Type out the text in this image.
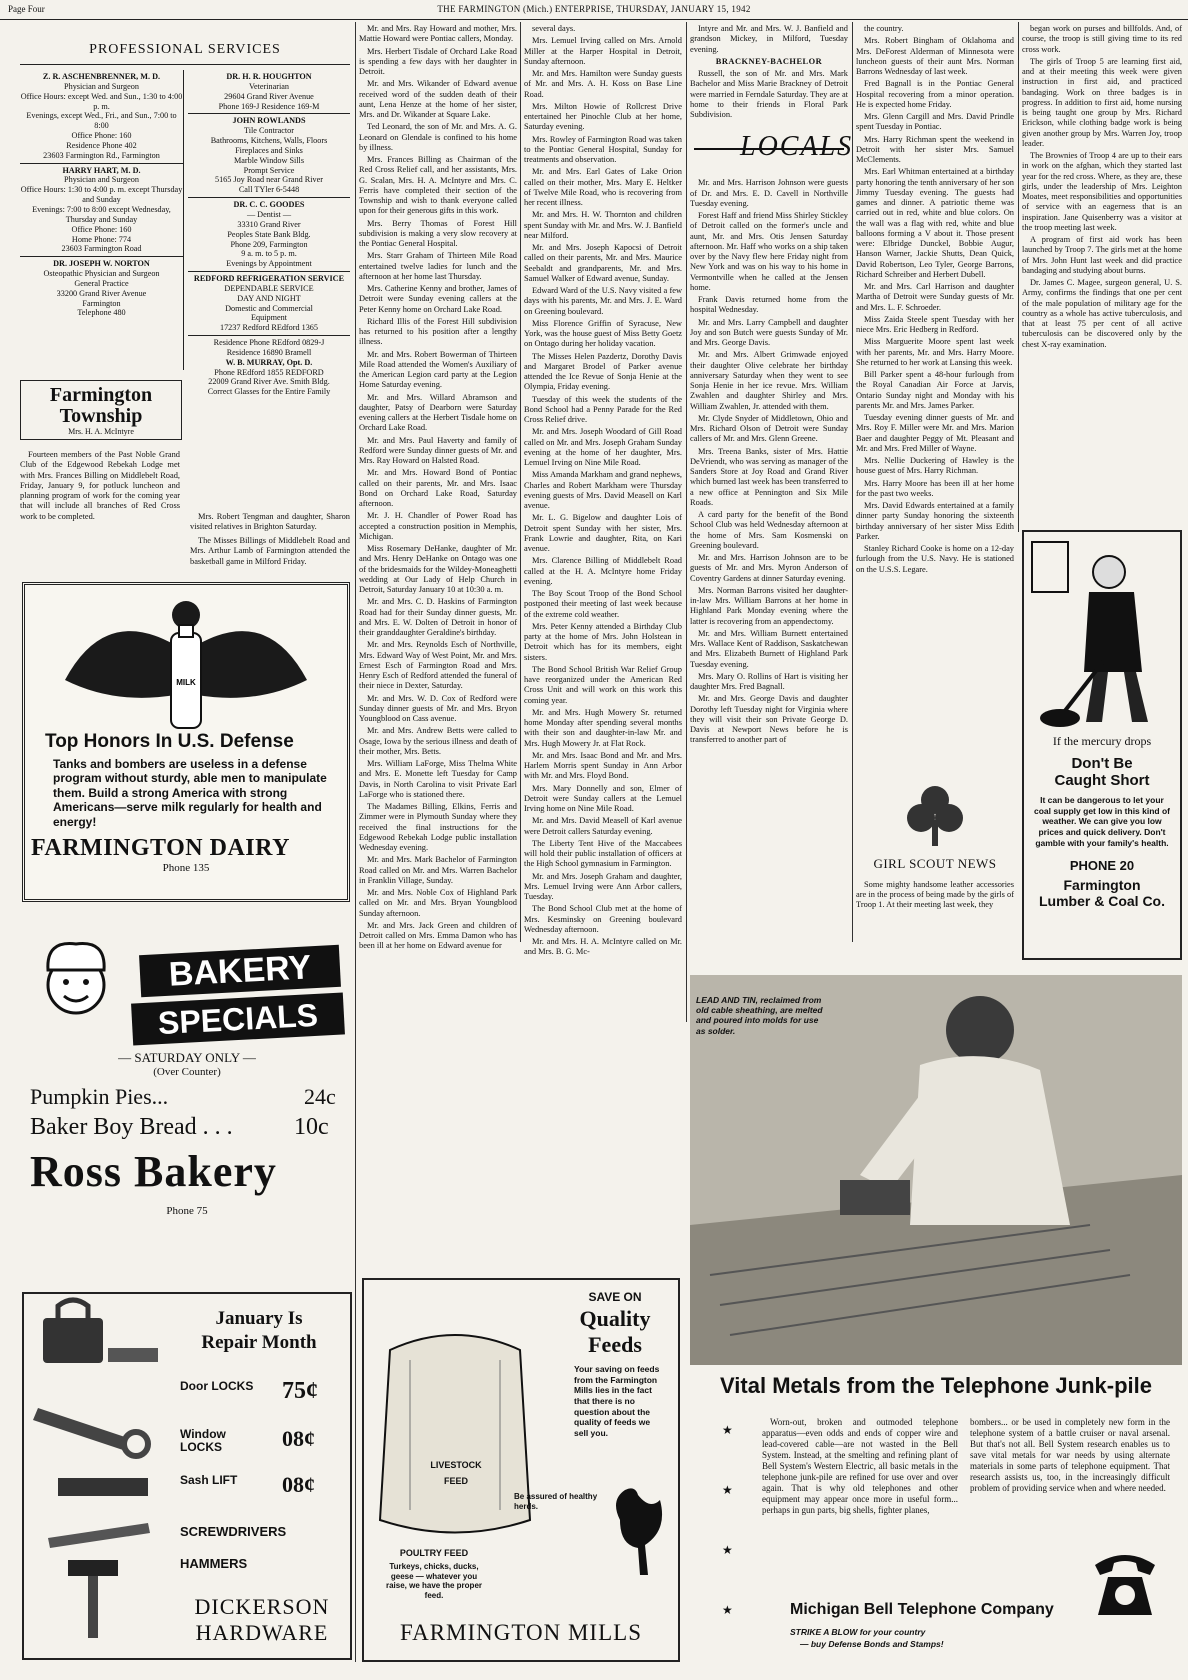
Page Four	THE FARMINGTON (Mich.) ENTERPRISE, THURSDAY, JANUARY 15, 1942
PROFESSIONAL SERVICES
Z. R. ASCHENBRENNER, M. D.
Physician and Surgeon
Office Hours: except Wed. and Sun., 1:30 to 4:00 p. m.
Evenings, except Wed., Fri., and Sun., 7:00 to 8:00
Office Phone: 160
Residence Phone 402
23603 Farmington Rd., Farmington
HARRY HART, M. D.
Physician and Surgeon
Office Hours: 1:30 to 4:00 p. m. except Thursday and Sunday
Evenings: 7:00 to 8:00 except Wednesday, Thursday and Sunday
Office Phone: 160
Home Phone: 774
23603 Farmington Road
DR. JOSEPH W. NORTON
Osteopathic Physician and Surgeon
General Practice
33200 Grand River Avenue
Farmington
Telephone 480
DR. H. R. HOUGHTON
Veterinarian
29604 Grand River Avenue
Phone 169-J Residence 169-M
JOHN ROWLANDS
Tile Contractor
Bathrooms, Kitchens, Walls, Floors
Fireplaces and Sinks
Marble Window Sills
Prompt Service
5165 Joy Road near Grand River
Call TYler 6-5448
DR. C. C. GOODES
— Dentist —
33310 Grand River
Peoples State Bank Bldg.
Phone 209, Farmington
9 a. m. to 5 p. m.
Evenings by Appointment
REDFORD REFRIGERATION SERVICE
DEPENDABLE SERVICE
DAY AND NIGHT
Domestic and Commercial
Equipment
17237 Redford REdford 1365
Residence Phone REdford 0829-J
Residence 16890 Bramell
W. B. MURRAY, Opt. D.
Phone REdford 1855 REDFORD
22009 Grand River Ave. Smith Bldg.
Correct Glasses for the Entire Family
Farmington
Township
Mrs. H. A. McIntyre

Fourteen members of the Past Noble Grand Club of the Edgewood Rebekah Lodge met with Mrs. Frances Billing on Middlebelt Road, Friday, January 9, for potluck luncheon and planning program of work for the coming year that will include all branches of Red Cross work to be completed.	Mrs. Robert Tengman and daughter, Sharon visited relatives in Brighton Saturday.

The Misses Billings of Middlebelt Road and Mrs. Arthur Lamb of Farmington attended the basketball game in Milford Friday.

MILK
Top Honors In U.S. Defense
Tanks and bombers are useless in a defense program without sturdy, able men to manipulate them. Build a strong America with strong Americans—serve milk regularly for health and energy!
FARMINGTON DAIRY
Phone 135
BAKERY
SPECIALS
— SATURDAY ONLY —
(Over Counter)
Pumpkin Pies...	24c
Baker Boy Bread . . .	10c
Ross Bakery
Phone 75
January Is
Repair Month
Door LOCKS	75¢
Window LOCKS	08¢
Sash LIFT	08¢
SCREWDRIVERS
HAMMERS
DICKERSON
HARDWARE

Mr. and Mrs. Ray Howard and mother, Mrs. Mattie Howard were Pontiac callers, Monday.

Mrs. Herbert Tisdale of Orchard Lake Road is spending a few days with her daughter in Detroit.

Mr. and Mrs. Wikander of Edward avenue received word of the sudden death of their aunt, Lena Henze at the home of her sister, Mrs. and Dr. Wikander at Square Lake.

Ted Leonard, the son of Mr. and Mrs. A. G. Leonard on Glendale is confined to his home by illness.

Mrs. Frances Billing as Chairman of the Red Cross Relief call, and her assistants, Mrs. G. Scalan, Mrs. H. A. McIntyre and Mrs. C. Ferris have completed their section of the Township and wish to thank everyone called upon for their generous gifts in this work.

Mrs. Berry Thomas of Forest Hill subdivision is making a very slow recovery at the Pontiac General Hospital.

Mrs. Starr Graham of Thirteen Mile Road entertained twelve ladies for lunch and the afternoon at her home last Thursday.

Mrs. Catherine Kenny and brother, James of Detroit were Sunday evening callers at the Peter Kenny home on Orchard Lake Road.

Richard Illis of the Forest Hill subdivision has returned to his position after a lengthy illness.

Mr. and Mrs. Robert Bowerman of Thirteen Mile Road attended the Women's Auxiliary of the American Legion card party at the Legion Home Saturday evening.

Mr. and Mrs. Willard Abramson and daughter, Patsy of Dearborn were Saturday evening callers at the Herbert Tisdale home on Orchard Lake Road.

Mr. and Mrs. Paul Haverty and family of Redford were Sunday dinner guests of Mr. and Mrs. Ray Howard on Halsted Road.

Mr. and Mrs. Howard Bond of Pontiac called on their parents, Mr. and Mrs. Isaac Bond on Orchard Lake Road, Saturday afternoon.

Mr. J. H. Chandler of Power Road has accepted a construction position in Memphis, Michigan.

Miss Rosemary DeHanke, daughter of Mr. and Mrs. Henry DeHanke on Ontago was one of the bridesmaids for the Wildey-Moneaghetti wedding at Our Lady of Help Church in Detroit, Saturday January 10 at 10:30 a. m.

Mr. and Mrs. C. D. Haskins of Farmington Road had for their Sunday dinner guests, Mr. and Mrs. E. W. Dolten of Detroit in honor of their granddaughter Geraldine's birthday.

Mr. and Mrs. Reynolds Esch of Northville, Mrs. Edward Way of West Point, Mr. and Mrs. Ernest Esch of Farmington Road and Mrs. Henry Esch of Redford attended the funeral of their niece in Dexter, Saturday.

Mr. and Mrs. W. D. Cox of Redford were Sunday dinner guests of Mr. and Mrs. Bryon Youngblood on Cass avenue.

Mr. and Mrs. Andrew Betts were called to Osage, Iowa by the serious illness and death of their mother, Mrs. Betts.

Mrs. William LaForge, Miss Thelma White and Mrs. E. Monette left Tuesday for Camp Davis, in North Carolina to visit Private Earl LaForge who is stationed there.

The Madames Billing, Elkins, Ferris and Zimmer were in Plymouth Sunday where they received the final instructions for the Edgewood Rebekah Lodge public installation Wednesday evening.

Mr. and Mrs. Mark Bachelor of Farmington Road called on Mr. and Mrs. Warren Bachelor in Franklin Village, Sunday.

Mr. and Mrs. Noble Cox of Highland Park called on Mr. and Mrs. Bryan Youngblood Sunday afternoon.

Mr. and Mrs. Jack Green and children of Detroit called on Mrs. Emma Damon who has been ill at her home on Edward avenue for

several days.

Mrs. Lemuel Irving called on Mrs. Arnold Miller at the Harper Hospital in Detroit, Sunday afternoon.

Mr. and Mrs. Hamilton were Sunday guests of Mr. and Mrs. A. H. Koss on Base Line Road.

Mrs. Milton Howie of Rollcrest Drive entertained her Pinochle Club at her home, Saturday evening.

Mrs. Rowley of Farmington Road was taken to the Pontiac General Hospital, Sunday for treatments and observation.

Mr. and Mrs. Earl Gates of Lake Orion called on their mother, Mrs. Mary E. Heltker of Twelve Mile Road, who is recovering from her recent illness.

Mr. and Mrs. H. W. Thornton and children spent Sunday with Mr. and Mrs. W. J. Banfield near Milford.

Mr. and Mrs. Joseph Kapocsi of Detroit called on their parents, Mr. and Mrs. Maurice Seebaldt and grandparents, Mr. and Mrs. Samuel Walker of Edward avenue, Sunday.

Edward Ward of the U.S. Navy visited a few days with his parents, Mr. and Mrs. J. E. Ward on Greening boulevard.

Miss Florence Griffin of Syracuse, New York, was the house guest of Miss Betty Goetz on Ontago during her holiday vacation.

The Misses Helen Pazdertz, Dorothy Davis and Margaret Brodel of Parker avenue attended the Ice Revue of Sonja Henie at the Olympia, Friday evening.

Tuesday of this week the students of the Bond School had a Penny Parade for the Red Cross Relief drive.

Mr. and Mrs. Joseph Woodard of Gill Road called on Mr. and Mrs. Joseph Graham Sunday evening at the home of her daughter, Mrs. Lemuel Irving on Nine Mile Road.

Miss Amanda Markham and grand nephews, Charles and Robert Markham were Thursday evening guests of Mrs. David Measell on Karl avenue.

Mr. L. G. Bigelow and daughter Lois of Detroit spent Sunday with her sister, Mrs. Frank Lowrie and daughter, Rita, on Kari avenue.

Mrs. Clarence Billing of Middlebelt Road called at the H. A. McIntyre home Friday evening.

The Boy Scout Troop of the Bond School postponed their meeting of last week because of the extreme cold weather.

Mrs. Peter Kenny attended a Birthday Club party at the home of Mrs. John Holstean in Detroit which has for its members, eight sisters.

The Bond School British War Relief Group have reorganized under the American Red Cross Unit and will work on this work this coming year.

Mr. and Mrs. Hugh Mowery Sr. returned home Monday after spending several months with their son and daughter-in-law Mr. and Mrs. Hugh Mowery Jr. at Flat Rock.

Mr. and Mrs. Isaac Bond and Mr. and Mrs. Harlem Morris spent Sunday in Ann Arbor with Mr. and Mrs. Floyd Bond.

Mrs. Mary Donnelly and son, Elmer of Detroit were Sunday callers at the Lemuel Irving home on Nine Mile Road.

Mr. and Mrs. David Measell of Karl avenue were Detroit callers Saturday evening.

The Liberty Tent Hive of the Maccabees will hold their public installation of officers at the High School gymnasium in Farmington.

Mr. and Mrs. Joseph Graham and daughter, Mrs. Lemuel Irving were Ann Arbor callers, Tuesday.

The Bond School Club met at the home of Mrs. Kesminsky on Greening boulevard Wednesday afternoon.

Mr. and Mrs. H. A. McIntyre called on Mr. and Mrs. B. G. Mc-

LIVESTOCK
FEED
Be assured of healthy herds.
SAVE ON
Quality
Feeds
Your saving on feeds from the Farmington Mills lies in the fact that there is no question about the quality of feeds we sell you.
POULTRY FEED
Turkeys, chicks, ducks, geese — whatever you raise, we have the proper feed.
FARMINGTON MILLS

Intyre and Mr. and Mrs. W. J. Banfield and grandson Mickey, in Milford, Tuesday evening.

BRACKNEY-BACHELOR

Russell, the son of Mr. and Mrs. Mark Bachelor and Miss Marie Brackney of Detroit were married in Ferndale Saturday. They are at home to their friends in Floral Park Subdivision.

LOCALS

Mr. and Mrs. Harrison Johnson were guests of Dr. and Mrs. E. D. Cavell in Northville Tuesday evening.

Forest Haff and friend Miss Shirley Stickley of Detroit called on the former's uncle and aunt, Mr. and Mrs. Otis Jensen Saturday afternoon. Mr. Haff who works on a ship taken over by the Navy flew here Friday night from New York and was on his way to his home in Vermontville when he called at the Jensen home.

Frank Davis returned home from the hospital Wednesday.

Mr. and Mrs. Larry Campbell and daughter Joy and son Butch were guests Sunday of Mr. and Mrs. George Davis.

Mr. and Mrs. Albert Grimwade enjoyed their daughter Olive celebrate her birthday anniversary Saturday when they went to see Sonja Henie in her ice revue. Mrs. William Zwahlen and daughter Shirley and Mrs. William Zwahlen, Jr. attended with them.

Mr. Clyde Snyder of Middletown, Ohio and Mrs. Richard Olson of Detroit were Sunday callers of Mr. and Mrs. Glenn Greene.

Mrs. Treena Banks, sister of Mrs. Hattie DeVriendt, who was serving as manager of the Sanders Store at Joy Road and Grand River which burned last week has been transferred to a new office at Pennington and Six Mile Roads.

A card party for the benefit of the Bond School Club was held Wednesday afternoon at the home of Mrs. Sam Kosmenski on Greening boulevard.

Mr. and Mrs. Harrison Johnson are to be guests of Mr. and Mrs. Myron Anderson of Coventry Gardens at dinner Saturday evening.

Mrs. Norman Barrons visited her daughter-in-law Mrs. William Barrons at her home in Highland Park Monday evening where the latter is recovering from an appendectomy.

Mr. and Mrs. William Burnett entertained Mrs. Wallace Kent of Raddison, Saskatchewan and Mrs. Elizabeth Burnett of Highland Park Tuesday evening.

Mrs. Mary O. Rollins of Hart is visiting her daughter Mrs. Fred Bagnall.

Mr. and Mrs. George Davis and daughter Dorothy left Tuesday night for Virginia where they will visit their son Private George D. Davis at Newport News before he is transferred to another part of

the country.

Mrs. Robert Bingham of Oklahoma and Mrs. DeForest Alderman of Minnesota were luncheon guests of their aunt Mrs. Norman Barrons Wednesday of last week.

Fred Bagnall is in the Pontiac General Hospital recovering from a minor operation. He is expected home Friday.

Mrs. Glenn Cargill and Mrs. David Prindle spent Tuesday in Pontiac.

Mrs. Harry Richman spent the weekend in Detroit with her sister Mrs. Samuel McClements.

Mrs. Earl Whitman entertained at a birthday party honoring the tenth anniversary of her son Jimmy Tuesday evening. The guests had games and dinner. A patriotic theme was carried out in red, white and blue colors. On the wall was a flag with red, white and blue balloons forming a V about it. Those present were: Elbridge Dunckel, Bobbie Augur, Hanson Warner, Jackie Shutts, Dean Quick, David Robertson, Leo Tyler, George Barrons, Richard Schreiber and Herbert Dubell.

Mr. and Mrs. Carl Harrison and daughter Martha of Detroit were Sunday guests of Mr. and Mrs. L. F. Schroeder.

Miss Zaida Steele spent Tuesday with her niece Mrs. Eric Hedberg in Redford.

Miss Marguerite Moore spent last week with her parents, Mr. and Mrs. Harry Moore. She returned to her work at Lansing this week.

Bill Parker spent a 48-hour furlough from the Royal Canadian Air Force at Jarvis, Ontario Sunday night and Monday with his parents Mr. and Mrs. James Parker.

Tuesday evening dinner guests of Mr. and Mrs. Roy F. Miller were Mr. and Mrs. Marion Baer and daughter Peggy of Mt. Pleasant and Mr. and Mrs. Fred Miller of Wayne.

Mrs. Nellie Duckering of Hawley is the house guest of Mrs. Harry Richman.

Mrs. Harry Moore has been ill at her home for the past two weeks.

Mrs. David Edwards entertained at a family dinner party Sunday honoring the sixteenth birthday anniversary of her sister Miss Edith Parker.

Stanley Richard Cooke is home on a 12-day furlough from the U.S. Navy. He is stationed on the U.S.S. Legare.

GIRL SCOUT NEWS

Some mighty handsome leather accessories are in the process of being made by the girls of Troop 1. At their meeting last week, they

began work on purses and billfolds. And, of course, the troop is still giving time to its red cross work.

The girls of Troop 5 are learning first aid, and at their meeting this week were given instruction in first aid, and practiced bandaging. Work on three badges is in progress. In addition to first aid, home nursing is being taught one group by Mrs. Richard Erickson, while clothing badge work is being given another group by Mrs. Warren Joy, troop leader.

The Brownies of Troop 4 are up to their ears in work on the afghan, which they started last year for the red cross. Where, as they are, these girls, under the leadership of Mrs. Leighton Moates, meet responsibilities and opportunities of service with an eagerness that is an inspiration. Jane Quisenberry was a visitor at the troop meeting last week.

A program of first aid work has been launched by Troop 7. The girls met at the home of Mrs. John Hunt last week and did practice bandaging and studying about burns.

Dr. James C. Magee, surgeon general, U. S. Army, confirms the findings that one per cent of the male population of military age for the country as a whole has active tuberculosis, and that at least 75 per cent of all active tuberculosis can be discovered only by the chest X-ray examination.

If the mercury drops
Don't Be
Caught Short
It can be dangerous to let your coal supply get low in this kind of weather. We can give you low prices and quick delivery. Don't gamble with your family's health.
PHONE 20
Farmington
Lumber & Coal Co.
LEAD AND TIN, reclaimed from old cable sheathing, are melted and poured into molds for use as solder.
Vital Metals from the Telephone Junk-pile
★
★
★
★
Worn-out, broken and outmoded telephone apparatus—even odds and ends of copper wire and lead-covered cable—are not wasted in the Bell System. Instead, at the smelting and refining plant of Bell System's Western Electric, all basic metals in the telephone junk-pile are refined for use over and over again. That is why old telephones and other equipment may appear once more in useful form... perhaps in gun parts, big shells, fighter planes,
bombers... or be used in completely new form in the telephone system of a battle cruiser or naval arsenal. But that's not all. Bell System research enables us to save vital metals for war needs by using alternate materials in some parts of telephone equipment. That research assists us, too, in the increasingly difficult problem of providing service when and where needed.
Michigan Bell Telephone Company
STRIKE A BLOW for your country
— buy Defense Bonds and Stamps!
